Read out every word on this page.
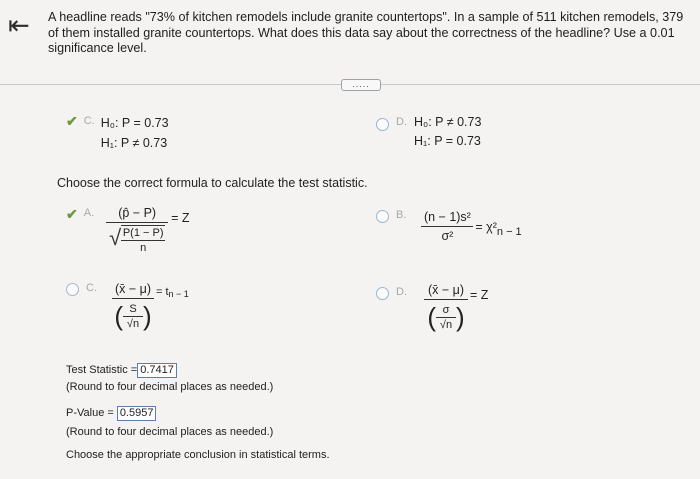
⇤ A headline reads "73% of kitchen remodels include granite countertops". In a sample of 511 kitchen remodels, 379 of them installed granite countertops. What does this data say about the correctness of the headline? Use a 0.01 significance level.
.....
✔ C. H₀: P = 0.73
H₁: P ≠ 0.73
D. H₀: P ≠ 0.73
H₁: P = 0.73
Choose the correct formula to calculate the test statistic.
✔ A. $\frac{(p̂ - P)}{√ \frac{P(1 - P)}{n}} = Z$	B. $\frac{\text{(n − 1)s²}}{\text{σ²}} = \chi^2_{n - 1}$
C. (x̄ − μ)
( $\frac{S}{√n}$ )
= t n − 1	D. (x̄ − μ)
( $\frac{\sigma}{√n}$ )
= Z
Test Statistic = 0.7417
(Round to four decimal places as needed.)
P-Value = 0.5957
(Round to four decimal places as needed.)
Choose the appropriate conclusion in statistical terms.
